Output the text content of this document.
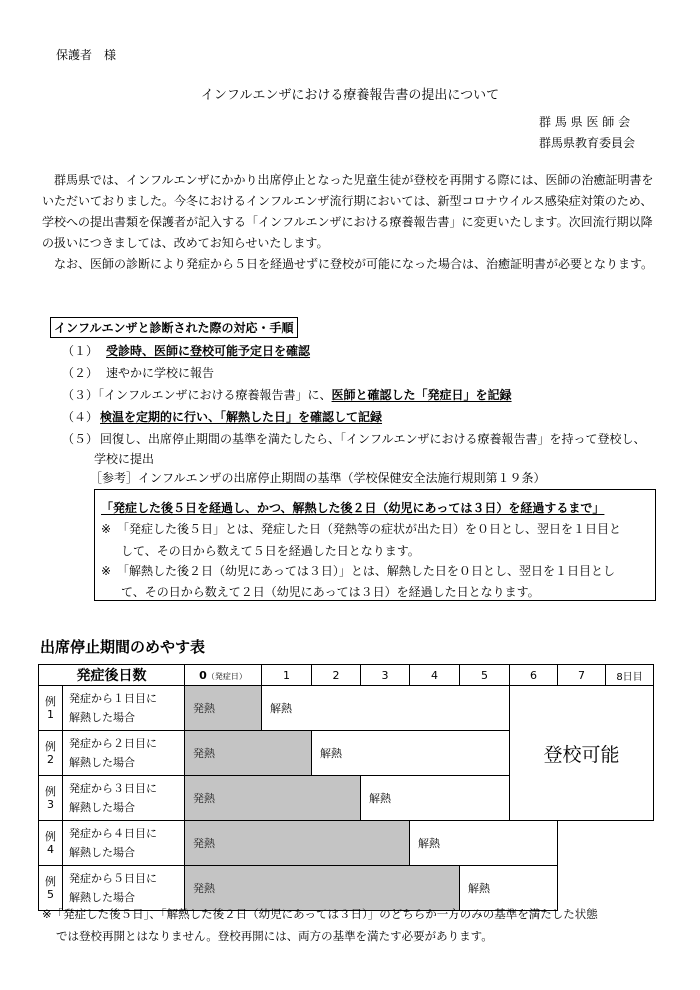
保護者　様
インフルエンザにおける療養報告書の提出について
群 馬 県 医 師 会
群馬県教育委員会

群馬県では、インフルエンザにかかり出席停止となった児童生徒が登校を再開する際には、医師の治癒証明書をいただいておりました。今冬におけるインフルエンザ流行期においては、新型コロナウイルス感染症対策のため、学校への提出書類を保護者が記入する「インフルエンザにおける療養報告書」に変更いたします。次回流行期以降の扱いにつきましては、改めてお知らせいたします。

なお、医師の診断により発症から５日を経過せずに登校が可能になった場合は、治癒証明書が必要となります。

インフルエンザと診断された際の対応・手順
（１） 受診時、医師に登校可能予定日を確認
（２） 速やかに学校に報告
（３）「インフルエンザにおける療養報告書」に、医師と確認した「発症日」を記録
（４） 検温を定期的に行い、「解熱した日」を確認して記録
（５） 回復し、出席停止期間の基準を満たしたら、「インフルエンザにおける療養報告書」を持って登校し、
学校に提出
［参考］インフルエンザの出席停止期間の基準（学校保健安全法施行規則第１９条）
「発症した後５日を経過し、かつ、解熱した後２日（幼児にあっては３日）を経過するまで」
※　「発症した後５日」とは、発症した日（発熱等の症状が出た日）を０日とし、翌日を１日目と
して、その日から数えて５日を経過した日となります。
※　「解熱した後２日（幼児にあっては３日）」とは、解熱した日を０日とし、翌日を１日目とし
て、その日から数えて２日（幼児にあっては３日）を経過した日となります。
出席停止期間のめやす表
発症後日数		0（発症日）	1	2	3	4	5	6	7	8日目
例
1	発症から１日目に
解熱した場合	発熱	解熱					登校可能		
例
2	発症から２日目に
解熱した場合	発熱		解熱						
例
3	発症から３日目に
解熱した場合	発熱			解熱					
例
4	発症から４日目に
解熱した場合	発熱				解熱				
例
5	発症から５日目に
解熱した場合	発熱					解熱			
※「発症した後５日」、「解熱した後２日（幼児にあっては３日）」のどちらか一方のみの基準を満たした状態
では登校再開とはなりません。登校再開には、両方の基準を満たす必要があります。
